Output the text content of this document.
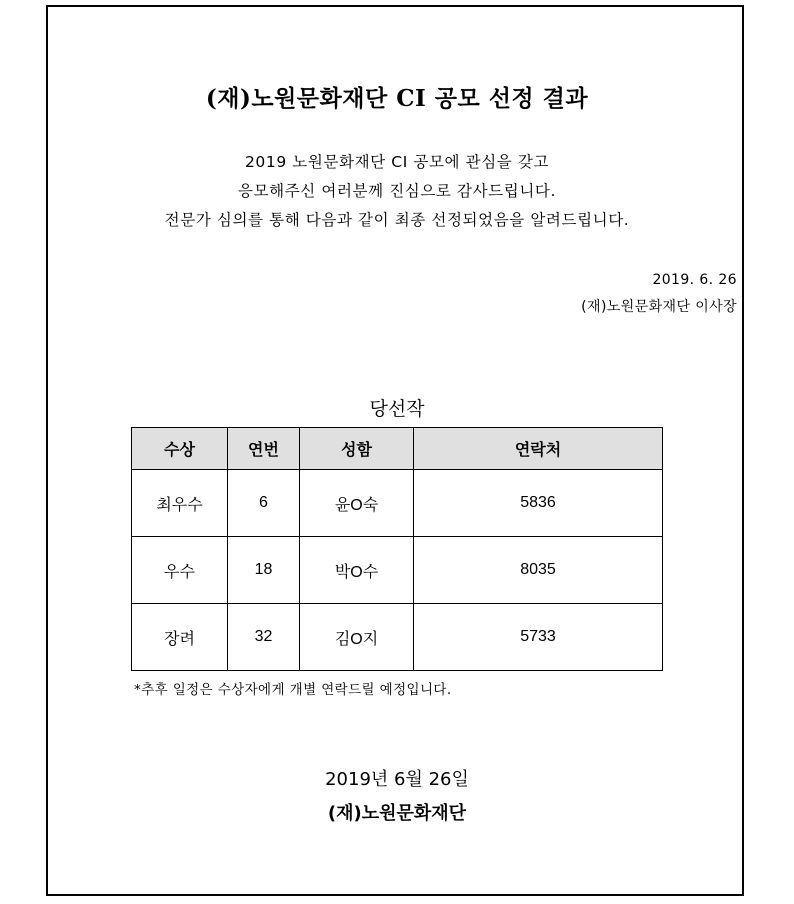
(재)노원문화재단 CI 공모 선정 결과
2019 노원문화재단 CI 공모에 관심을 갖고
응모해주신 여러분께 진심으로 감사드립니다.
전문가 심의를 통해 다음과 같이 최종 선정되었음을 알려드립니다.
2019. 6. 26
(재)노원문화재단 이사장
당선작
수상	연번	성함	연락처
최우수	6	윤O숙	5836
우수	18	박O수	8035
장려	32	김O지	5733
*추후 일정은 수상자에게 개별 연락드릴 예정입니다.
2019년 6월 26일
(재)노원문화재단
